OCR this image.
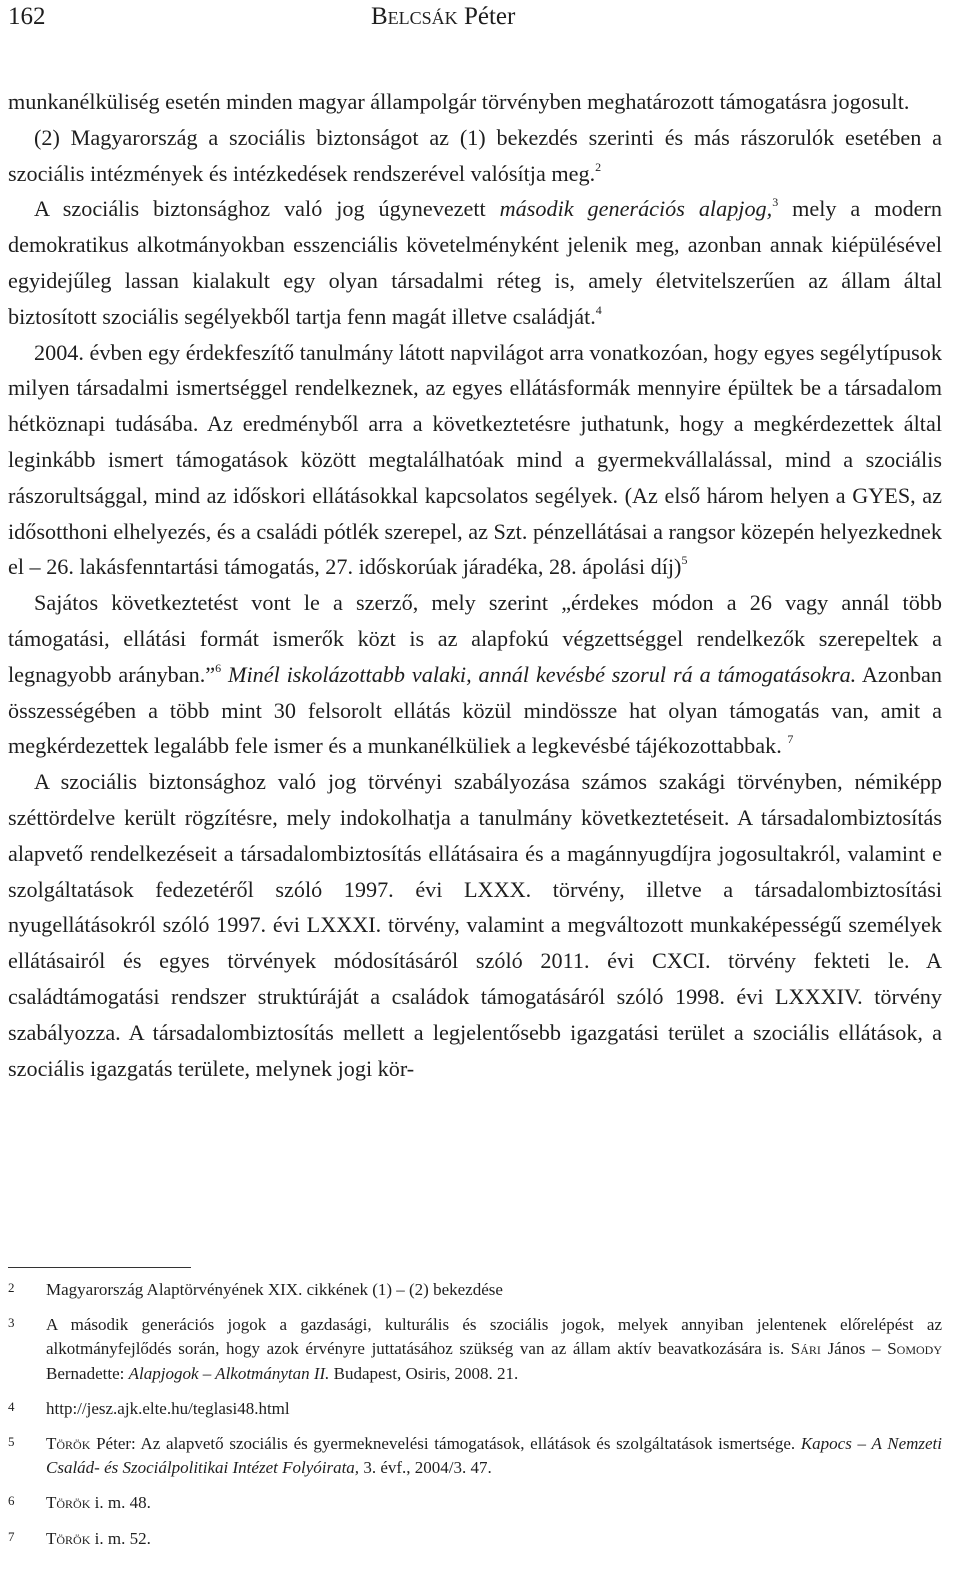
162	Belcsák Péter

munkanélküliség esetén minden magyar állampolgár törvényben meghatározott támogatásra jogosult.

(2) Magyarország a szociális biztonságot az (1) bekezdés szerinti és más rászorulók esetében a szociális intézmények és intézkedések rendszerével valósítja meg.$^2$

A szociális biztonsághoz való jog úgynevezett második generációs alapjog,$^3$ mely a modern demokratikus alkotmányokban esszenciális követelményként jelenik meg, azonban annak kiépülésével egyidejűleg lassan kialakult egy olyan társadalmi réteg is, amely életvitelszerűen az állam által biztosított szociális segélyekből tartja fenn magát illetve családját.$^4$

2004. évben egy érdekfeszítő tanulmány látott napvilágot arra vonatkozóan, hogy egyes segélytípusok milyen társadalmi ismertséggel rendelkeznek, az egyes ellátásformák mennyire épültek be a társadalom hétköznapi tudásába. Az eredményből arra a következtetésre juthatunk, hogy a megkérdezettek által leginkább ismert támogatások között megtalálhatóak mind a gyermekvállalással, mind a szociális rászorultsággal, mind az időskori ellátásokkal kapcsolatos segélyek. (Az első három helyen a GYES, az idősotthoni elhelyezés, és a családi pótlék szerepel, az Szt. pénzellátásai a rangsor közepén helyezkednek el – 26. lakásfenntartási támogatás, 27. időskorúak járadéka, 28. ápolási díj)$^5$

Sajátos következtetést vont le a szerző, mely szerint „érdekes módon a 26 vagy annál több támogatási, ellátási formát ismerők közt is az alapfokú végzettséggel rendelkezők szerepeltek a legnagyobb arányban.”$^6$ Minél iskolázottabb valaki, annál kevésbé szorul rá a támogatásokra. Azonban összességében a több mint 30 felsorolt ellátás közül mindössze hat olyan támogatás van, amit a megkérdezettek legalább fele ismer és a munkanélküliek a legkevésbé tájékozottabbak. $^7$

A szociális biztonsághoz való jog törvényi szabályozása számos szakági törvényben, némiképp széttördelve került rögzítésre, mely indokolhatja a tanulmány következtetéseit. A társadalombiztosítás alapvető rendelkezéseit a társadalombiztosítás ellátásaira és a magánnyugdíjra jogosultakról, valamint e szolgáltatások fedezetéről szóló 1997. évi LXXX. törvény, illetve a társadalombiztosítási nyugellátásokról szóló 1997. évi LXXXI. törvény, valamint a megváltozott munkaképességű személyek ellátásairól és egyes törvények módosításáról szóló 2011. évi CXCI. törvény fekteti le. A családtámogatási rendszer struktúráját a családok támogatásáról szóló 1998. évi LXXXIV. törvény szabályozza. A társadalombiztosítás mellett a legjelentősebb igazgatási terület a szociális ellátások, a szociális igazgatás területe, melynek jogi kör-

2 Magyarország Alaptörvényének XIX. cikkének (1) – (2) bekezdése
3 A második generációs jogok a gazdasági, kulturális és szociális jogok, melyek annyiban jelentenek előrelépést az alkotmányfejlődés során, hogy azok érvényre juttatásához szükség van az állam aktív beavatkozására is. Sári János – Somody Bernadette: Alapjogok – Alkotmánytan II. Budapest, Osiris, 2008. 21.
4 http://jesz.ajk.elte.hu/teglasi48.html
5 Török Péter: Az alapvető szociális és gyermeknevelési támogatások, ellátások és szolgáltatások ismertsége. Kapocs – A Nemzeti Család- és Szociálpolitikai Intézet Folyóirata, 3. évf., 2004/3. 47.
6 Török i. m. 48.
7 Török i. m. 52.
